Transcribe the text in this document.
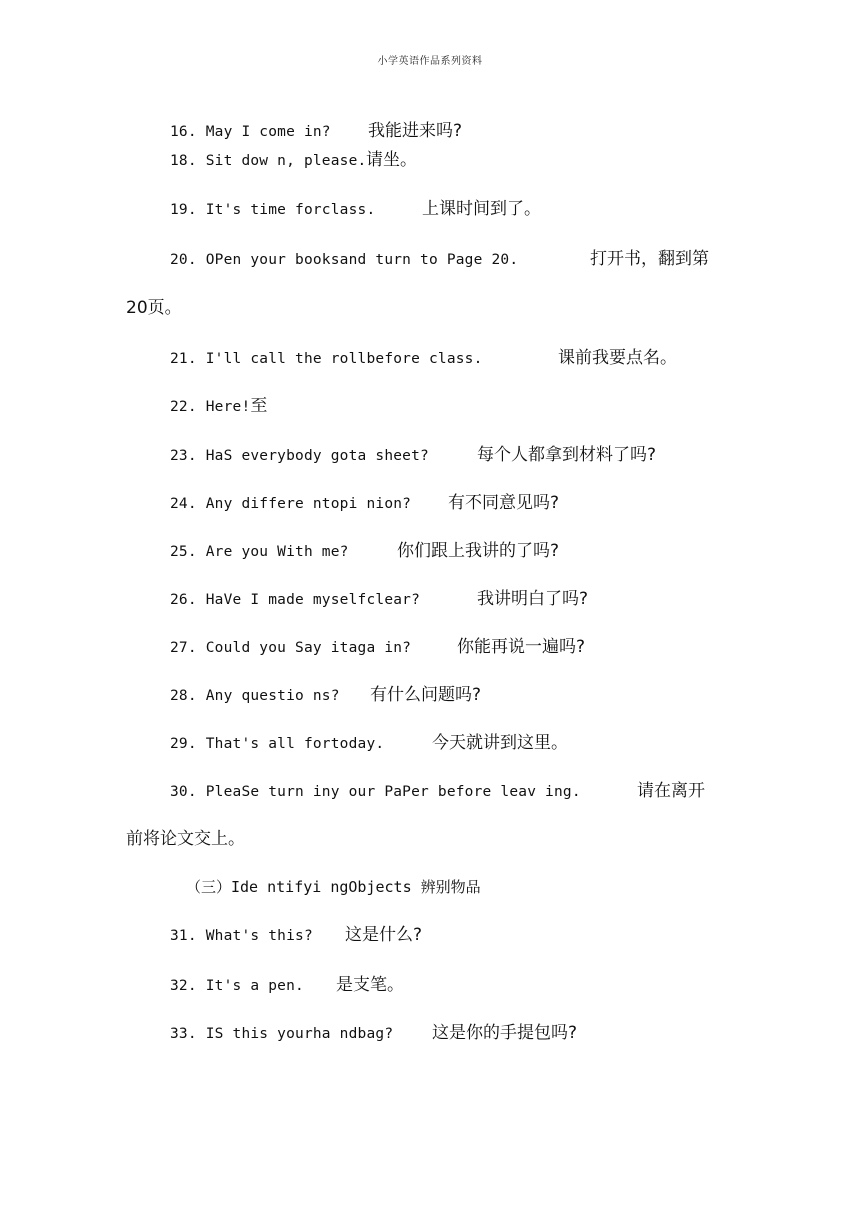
小学英语作品系列资料
16. May I come in? 我能进来吗?
18. Sit dow n, please. 请坐。
19. It's time forclass.	上课时间到了。
20. OPen your booksand turn to Page 20.	打开书，翻到第
20页。
21. I'll call the rollbefore class.	课前我要点名。
22. Here!至
23. HaS everybody gota sheet?	每个人都拿到材料了吗?
24. Any differe ntopi nion? 有不同意见吗?
25. Are you With me?	你们跟上我讲的了吗?
26. HaVe I made myselfclear?	我讲明白了吗?
27. Could you Say itaga in?	你能再说一遍吗?
28. Any questio ns? 有什么问题吗?
29. That's all fortoday.	今天就讲到这里。
30. PleaSe turn iny our PaPer before leav ing.	请在离开
前将论文交上。
（三）Ide ntifyi ngObjects 辨别物品
31. What's this? 这是什么?
32. It's a pen. 是支笔。
33. IS this yourha ndbag? 这是你的手提包吗?
